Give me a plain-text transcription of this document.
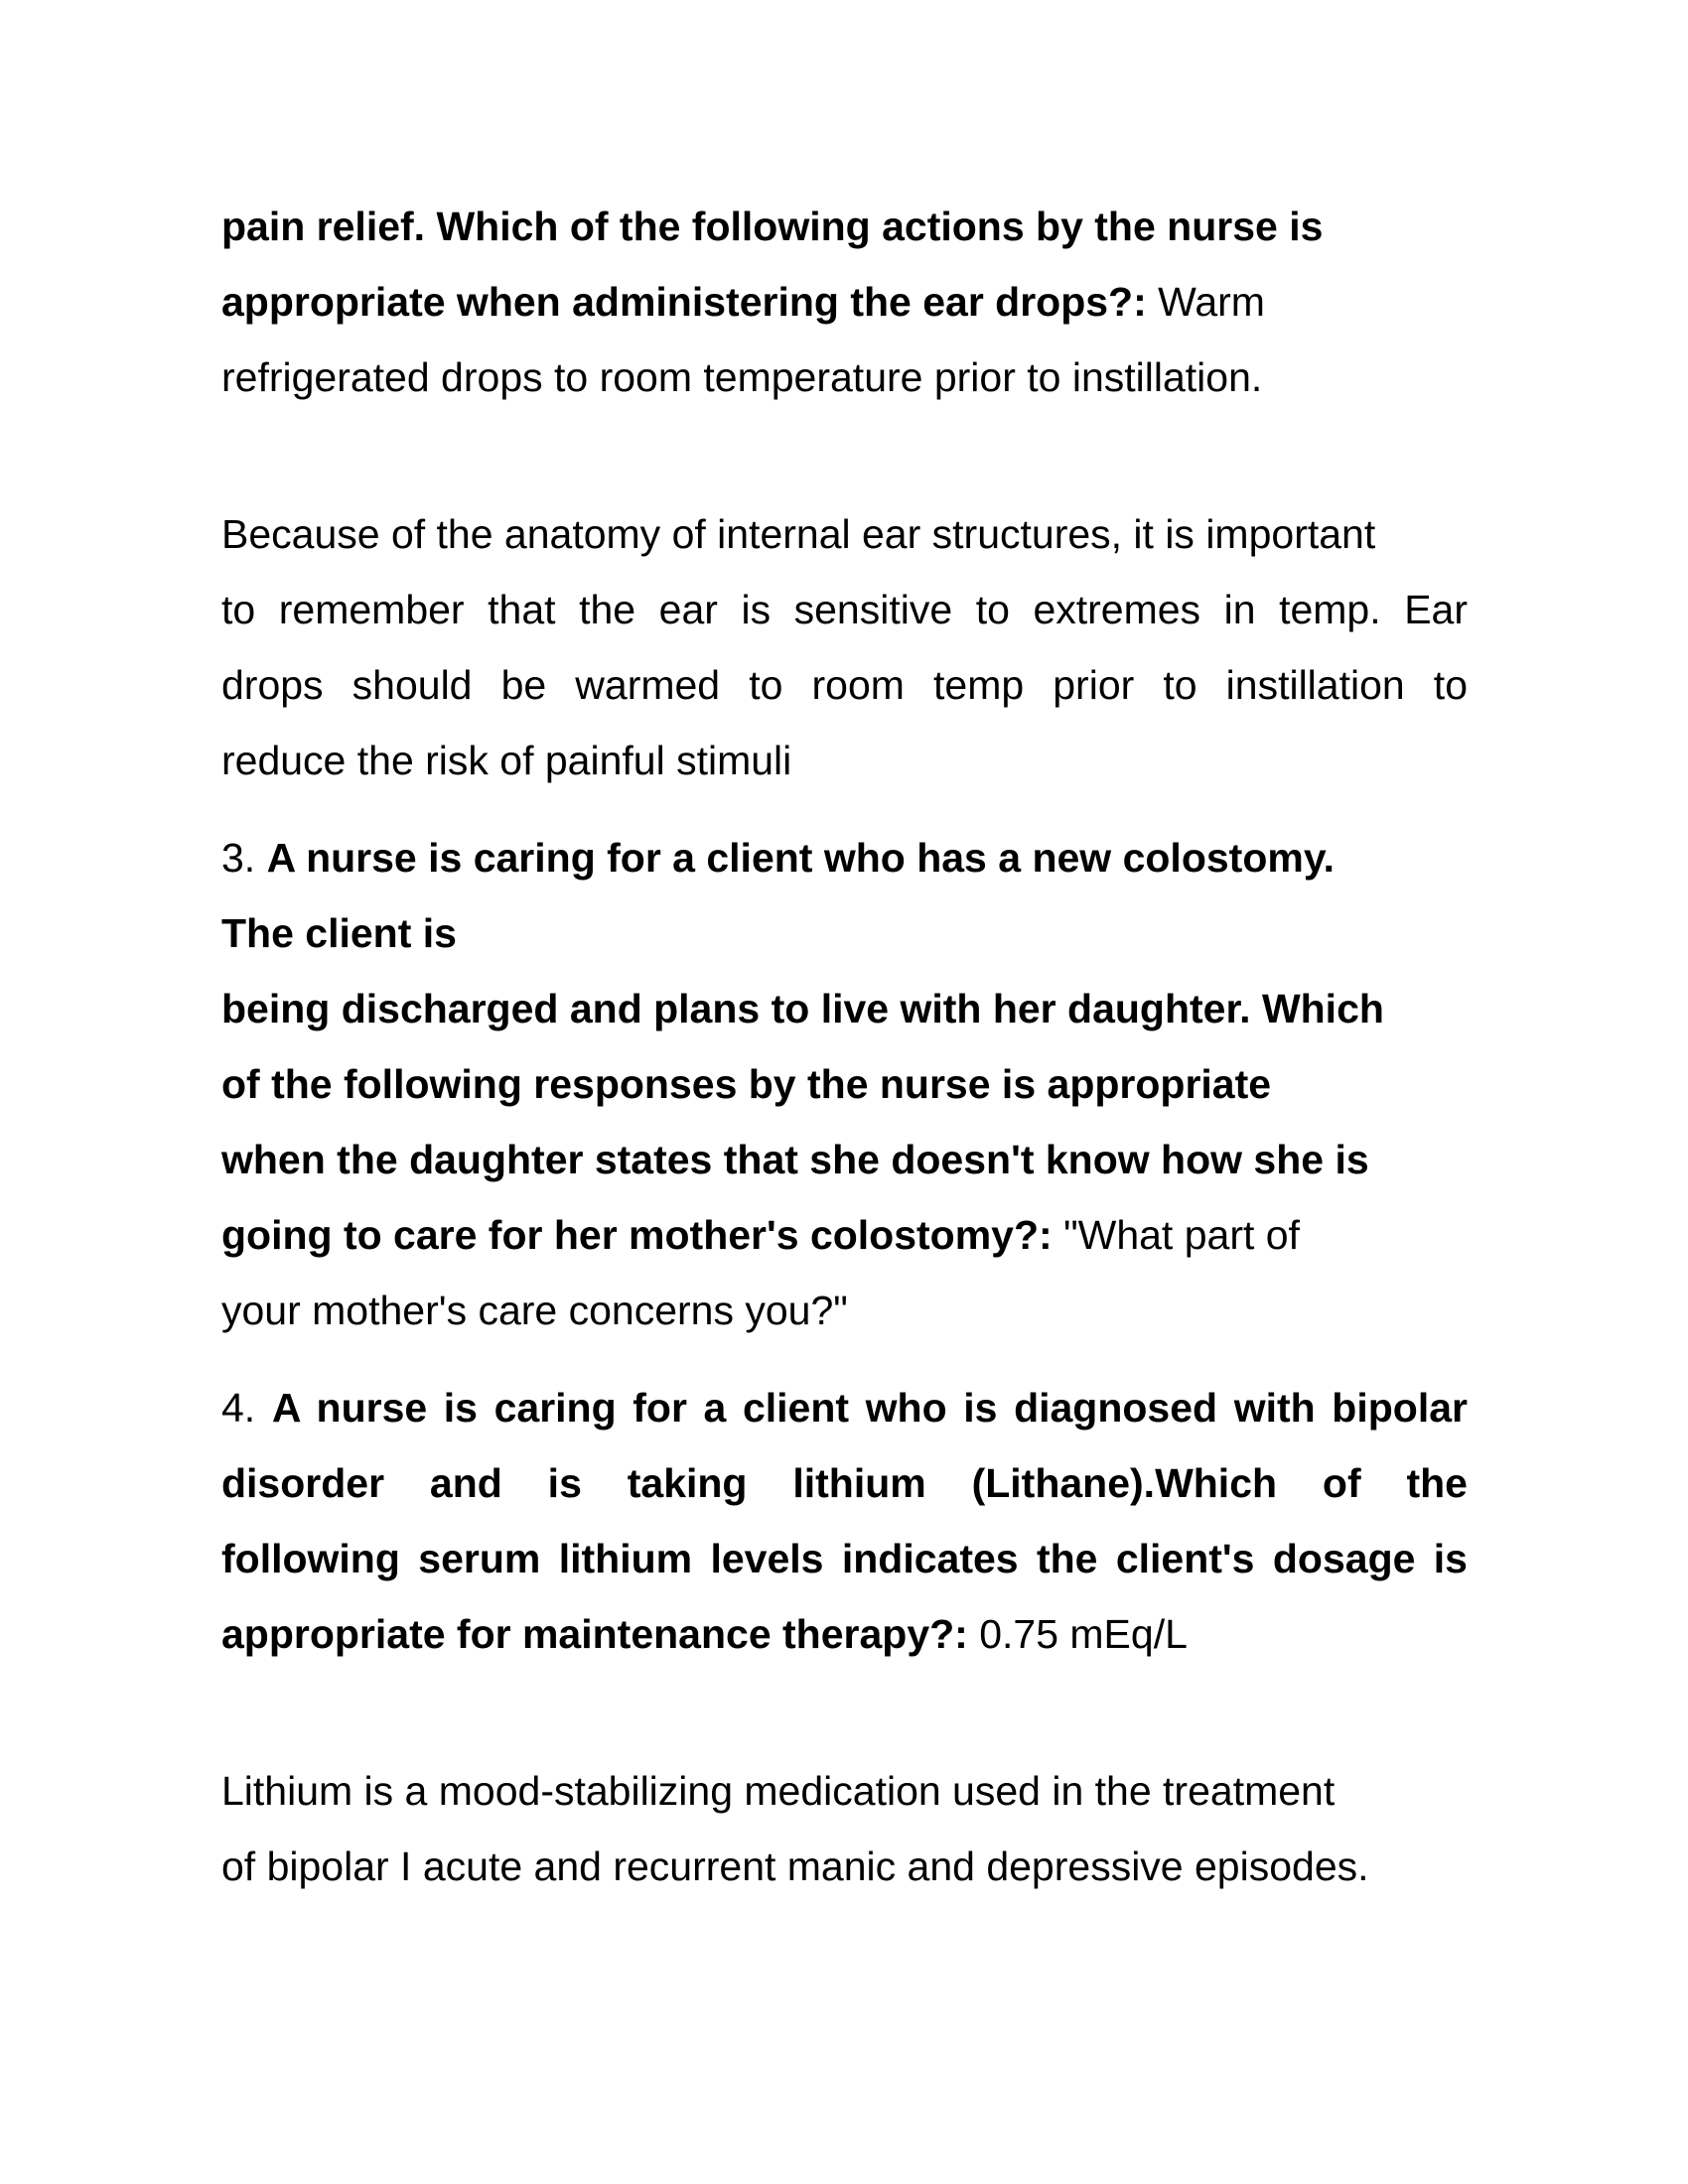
pain relief. Which of the following actions by the nurse is
appropriate when administering the ear drops?: Warm
refrigerated drops to room temperature prior to instillation.
Because of the anatomy of internal ear structures, it is important
to remember that the ear is sensitive to extremes in temp. Ear
drops should be warmed to room temp prior to instillation to
reduce the risk of painful stimuli
3. A nurse is caring for a client who has a new colostomy.
The client is
being discharged and plans to live with her daughter. Which
of the following responses by the nurse is appropriate
when the daughter states that she doesn't know how she is
going to care for her mother's colostomy?: "What part of
your mother's care concerns you?"
4. A nurse is caring for a client who is diagnosed with bipolar
disorder and is taking lithium (Lithane).Which of the
following serum lithium levels indicates the client's dosage is
appropriate for maintenance therapy?: 0.75 mEq/L
Lithium is a mood-stabilizing medication used in the treatment
of bipolar I acute and recurrent manic and depressive episodes.
